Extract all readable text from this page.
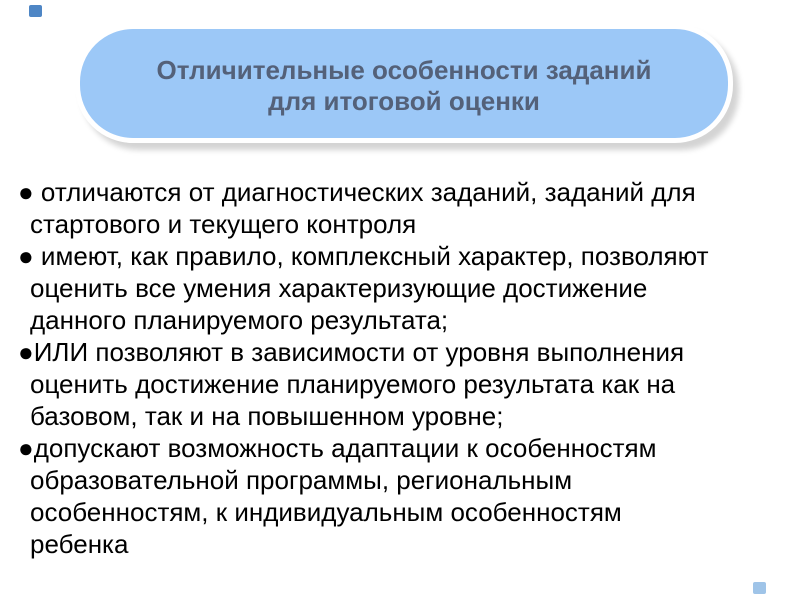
Отличительные особенности заданий
для итоговой оценки
● отличаются от диагностических заданий, заданий для
стартового и текущего контроля
● имеют, как правило, комплексный характер, позволяют
оценить все умения характеризующие достижение
данного планируемого результата;
●ИЛИ позволяют в зависимости от уровня выполнения
оценить достижение планируемого результата как на
базовом, так и на повышенном уровне;
●допускают возможность адаптации к особенностям
образовательной программы, региональным
особенностям, к индивидуальным особенностям
ребенка
